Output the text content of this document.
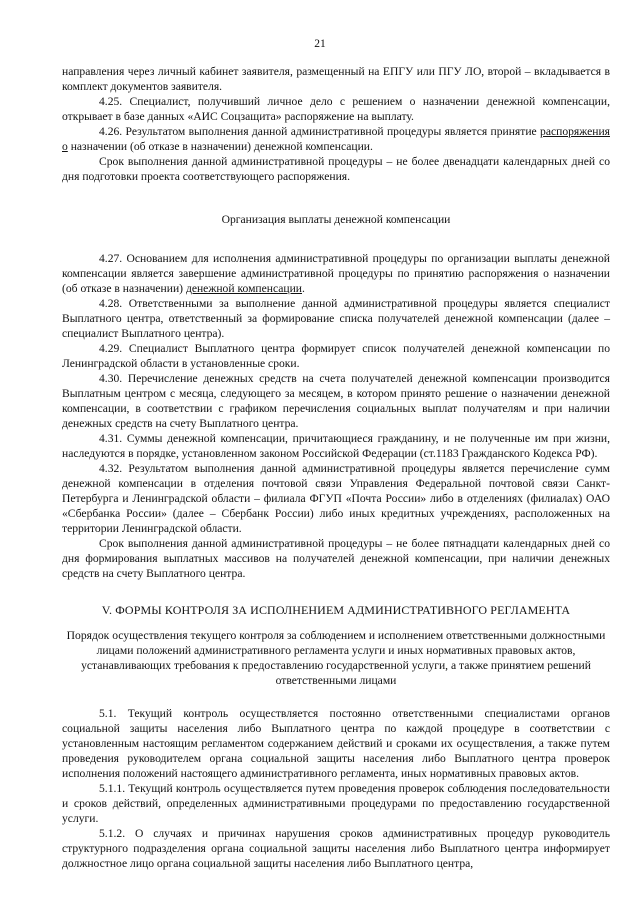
21

направления через личный кабинет заявителя, размещенный на ЕПГУ или ПГУ ЛО, второй – вкладывается в комплект документов заявителя.

4.25. Специалист, получивший личное дело с решением о назначении денежной компенсации, открывает в базе данных «АИС Соцзащита» распоряжение на выплату.

4.26. Результатом выполнения данной административной процедуры является принятие распоряжения о назначении (об отказе в назначении) денежной компенсации.

Срок выполнения данной административной процедуры – не более двенадцати календарных дней со дня подготовки проекта соответствующего распоряжения.

Организация выплаты денежной компенсации

4.27. Основанием для исполнения административной процедуры по организации выплаты денежной компенсации является завершение административной процедуры по принятию распоряжения о назначении (об отказе в назначении) денежной компенсации.

4.28. Ответственными за выполнение данной административной процедуры является специалист Выплатного центра, ответственный за формирование списка получателей денежной компенсации (далее – специалист Выплатного центра).

4.29. Специалист Выплатного центра формирует список получателей денежной компенсации по Ленинградской области в установленные сроки.

4.30. Перечисление денежных средств на счета получателей денежной компенсации производится Выплатным центром с месяца, следующего за месяцем, в котором принято решение о назначении денежной компенсации, в соответствии с графиком перечисления социальных выплат получателям и при наличии денежных средств на счету Выплатного центра.

4.31. Суммы денежной компенсации, причитающиеся гражданину, и не полученные им при жизни, наследуются в порядке, установленном законом Российской Федерации (ст.1183 Гражданского Кодекса РФ).

4.32. Результатом выполнения данной административной процедуры является перечисление сумм денежной компенсации в отделения почтовой связи Управления Федеральной почтовой связи Санкт-Петербурга и Ленинградской области – филиала ФГУП «Почта России» либо в отделениях (филиалах) ОАО «Сбербанка России» (далее – Сбербанк России) либо иных кредитных учреждениях, расположенных на территории Ленинградской области.

Срок выполнения данной административной процедуры – не более пятнадцати календарных дней со дня формирования выплатных массивов на получателей денежной компенсации, при наличии денежных средств на счету Выплатного центра.

V. ФОРМЫ КОНТРОЛЯ ЗА ИСПОЛНЕНИЕМ АДМИНИСТРАТИВНОГО РЕГЛАМЕНТА

Порядок осуществления текущего контроля за соблюдением и исполнением ответственными должностными лицами положений административного регламента услуги и иных нормативных правовых актов, устанавливающих требования к предоставлению государственной услуги, а также принятием решений ответственными лицами

5.1. Текущий контроль осуществляется постоянно ответственными специалистами органов социальной защиты населения либо Выплатного центра по каждой процедуре в соответствии с установленным настоящим регламентом содержанием действий и сроками их осуществления, а также путем проведения руководителем органа социальной защиты населения либо Выплатного центра проверок исполнения положений настоящего административного регламента, иных нормативных правовых актов.

5.1.1. Текущий контроль осуществляется путем проведения проверок соблюдения последовательности и сроков действий, определенных административными процедурами по предоставлению государственной услуги.

5.1.2. О случаях и причинах нарушения сроков административных процедур руководитель структурного подразделения органа социальной защиты населения либо Выплатного центра информирует должностное лицо органа социальной защиты населения либо Выплатного центра,
